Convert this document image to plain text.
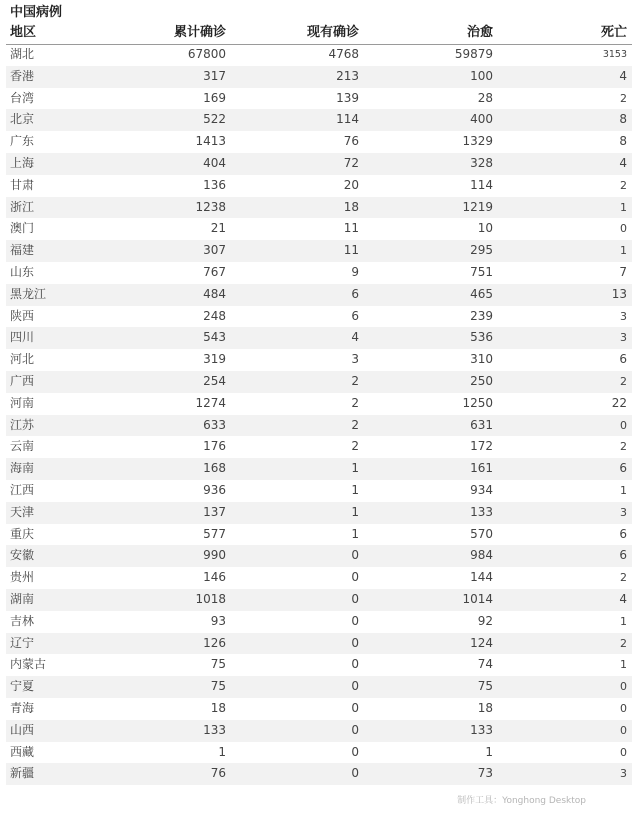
中国病例
地区	累计确诊	现有确诊	治愈	死亡
湖北	67800	4768	59879	3153
香港	317	213	100	4
台湾	169	139	28	2
北京	522	114	400	8
广东	1413	76	1329	8
上海	404	72	328	4
甘肃	136	20	114	2
浙江	1238	18	1219	1
澳门	21	11	10	0
福建	307	11	295	1
山东	767	9	751	7
黑龙江	484	6	465	13
陕西	248	6	239	3
四川	543	4	536	3
河北	319	3	310	6
广西	254	2	250	2
河南	1274	2	1250	22
江苏	633	2	631	0
云南	176	2	172	2
海南	168	1	161	6
江西	936	1	934	1
天津	137	1	133	3
重庆	577	1	570	6
安徽	990	0	984	6
贵州	146	0	144	2
湖南	1018	0	1014	4
吉林	93	0	92	1
辽宁	126	0	124	2
内蒙古	75	0	74	1
宁夏	75	0	75	0
青海	18	0	18	0
山西	133	0	133	0
西藏	1	0	1	0
新疆	76	0	73	3
制作工具：Yonghong Desktop
